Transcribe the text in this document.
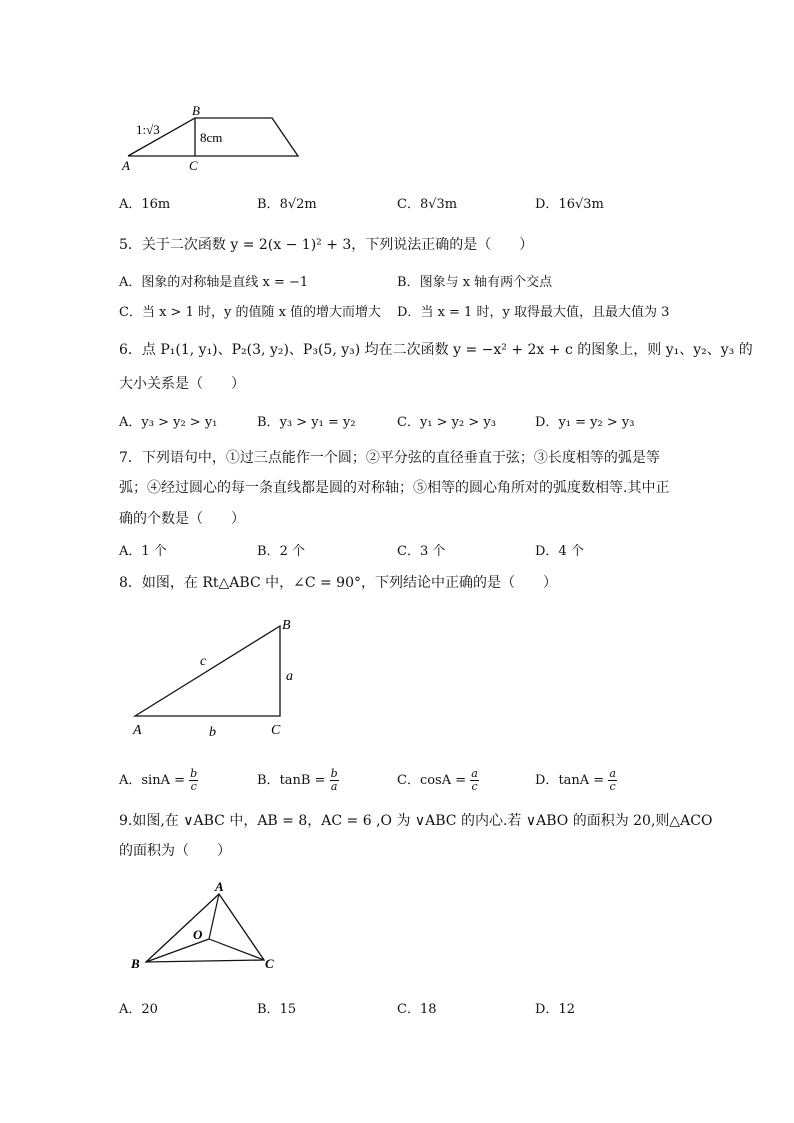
1:√3
8cm
B
A	C
A．16m	B．8√2m	C．8√3m	D．16√3m
5．关于二次函数 y = 2(x − 1)² + 3，下列说法正确的是（　　）
A．图象的对称轴是直线 x = −1	B．图象与 x 轴有两个交点
C．当 x > 1 时，y 的值随 x 值的增大而增大 D．当 x = 1 时，y 取得最大值，且最大值为 3
6．点 P₁(1, y₁)、P₂(3, y₂)、P₃(5, y₃) 均在二次函数 y = −x² + 2x + c 的图象上，则 y₁、y₂、y₃ 的
大小关系是（　　）
A．y₃ > y₂ > y₁	B．y₃ > y₁ = y₂	C．y₁ > y₂ > y₃	D．y₁ = y₂ > y₃
7．下列语句中，①过三点能作一个圆；②平分弦的直径垂直于弦；③长度相等的弧是等
弧；④经过圆心的每一条直线都是圆的对称轴；⑤相等的圆心角所对的弧度数相等.其中正
确的个数是（　　）
A．1 个	B．2 个	C．3 个	D．4 个
8．如图，在 Rt△ABC 中，∠C = 90°，下列结论中正确的是（　　）
B
A	C
c
a
b
A．$\sin A = \frac{b}{c}$	B．$\tan B = \frac{b}{a}$	C．$\cos A = \frac{a}{c}$	D．$\tan A = \frac{a}{c}$
9.如图,在 ∨ABC 中，AB = 8，AC = 6 ,O 为 ∨ABC 的内心.若 ∨ABO 的面积为 20,则△ACO
的面积为（　　）
A
O
B	C
A．20	B．15	C．18	D．12
